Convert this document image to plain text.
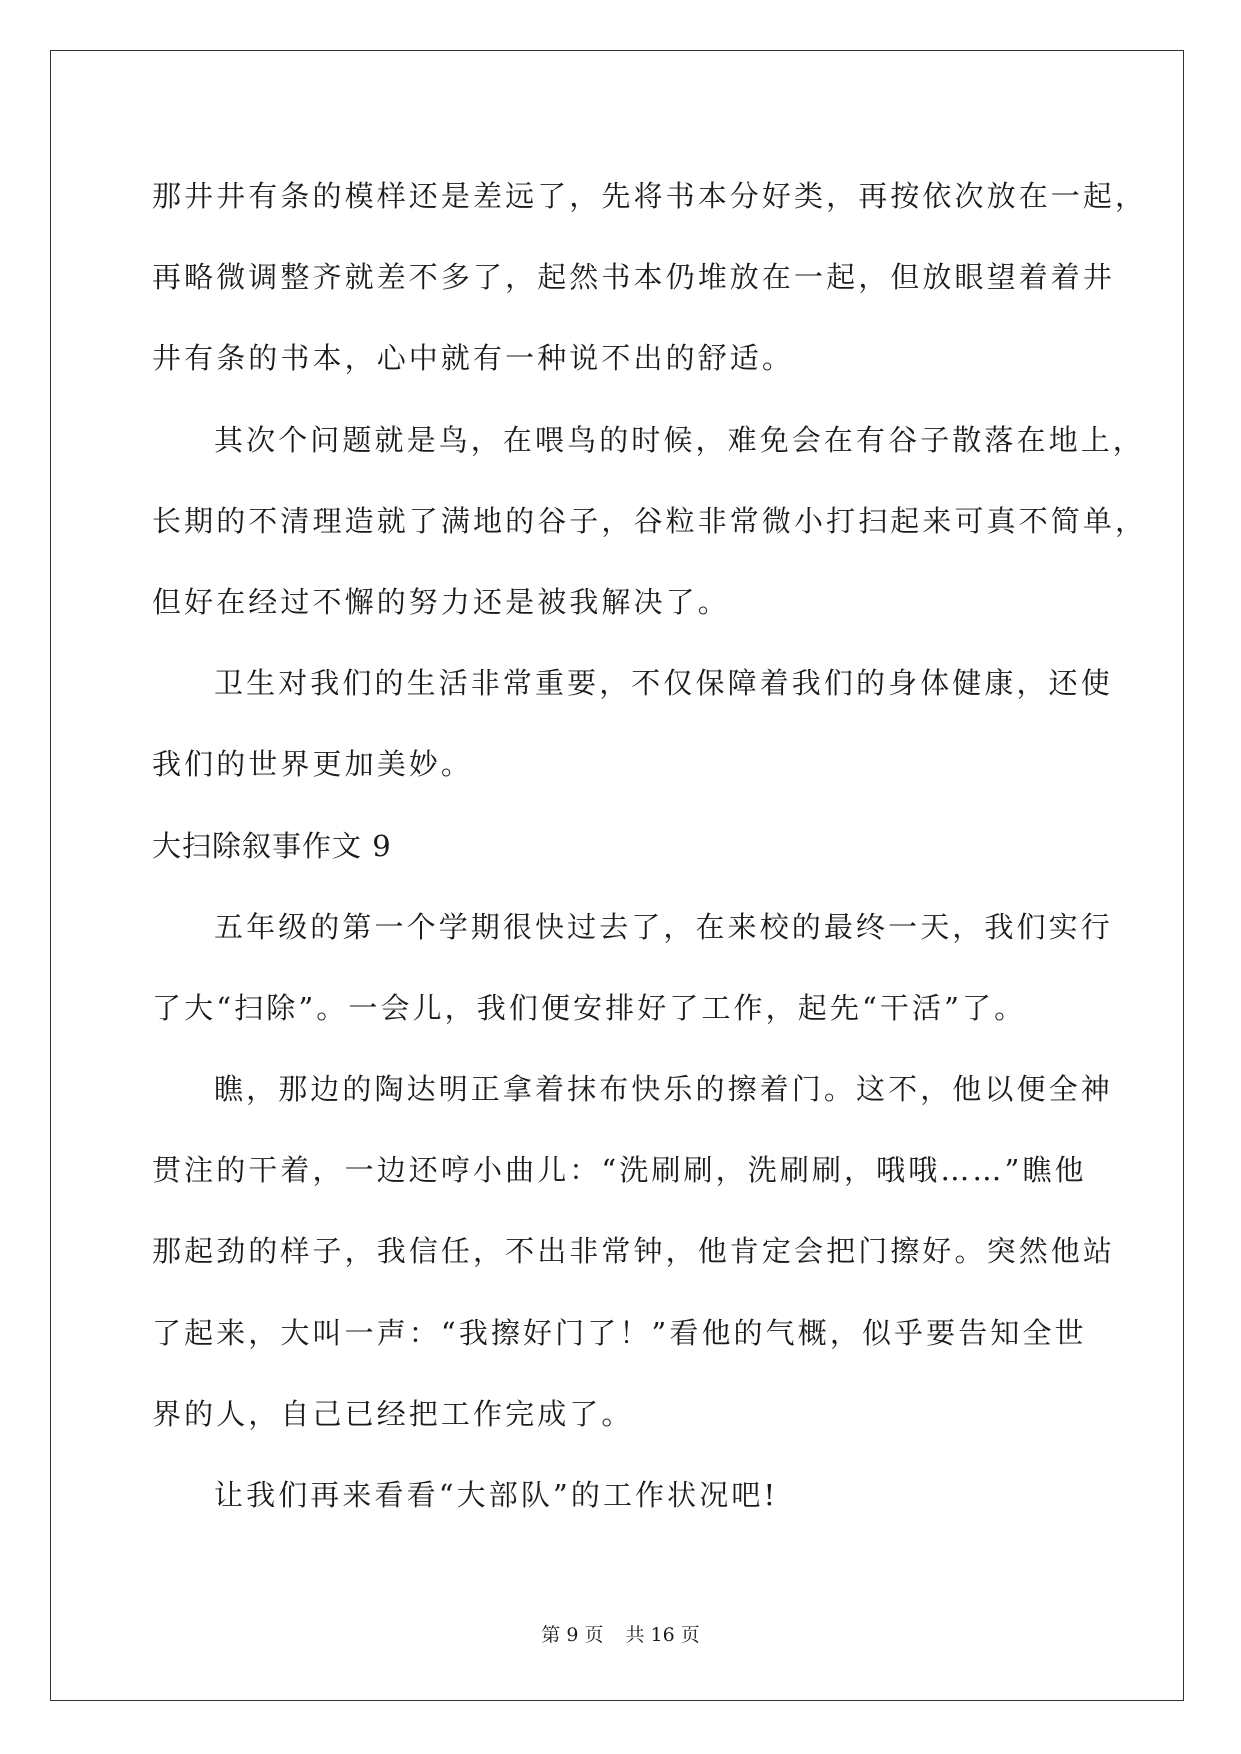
那井井有条的模样还是差远了，先将书本分好类，再按依次放在一起，
再略微调整齐就差不多了，起然书本仍堆放在一起，但放眼望着着井
井有条的书本，心中就有一种说不出的舒适。
其次个问题就是鸟，在喂鸟的时候，难免会在有谷子散落在地上，
长期的不清理造就了满地的谷子，谷粒非常微小打扫起来可真不简单，
但好在经过不懈的努力还是被我解决了。
卫生对我们的生活非常重要，不仅保障着我们的身体健康，还使
我们的世界更加美妙。
大扫除叙事作文 9
五年级的第一个学期很快过去了，在来校的最终一天，我们实行
了大“扫除”。一会儿，我们便安排好了工作，起先“干活”了。
瞧，那边的陶达明正拿着抹布快乐的擦着门。这不，他以便全神
贯注的干着，一边还哼小曲儿：“洗刷刷，洗刷刷，哦哦……”瞧他
那起劲的样子，我信任，不出非常钟，他肯定会把门擦好。突然他站
了起来，大叫一声：“我擦好门了！”看他的气概，似乎要告知全世
界的人，自己已经把工作完成了。
让我们再来看看“大部队”的工作状况吧!
第 9 页 共 16 页
